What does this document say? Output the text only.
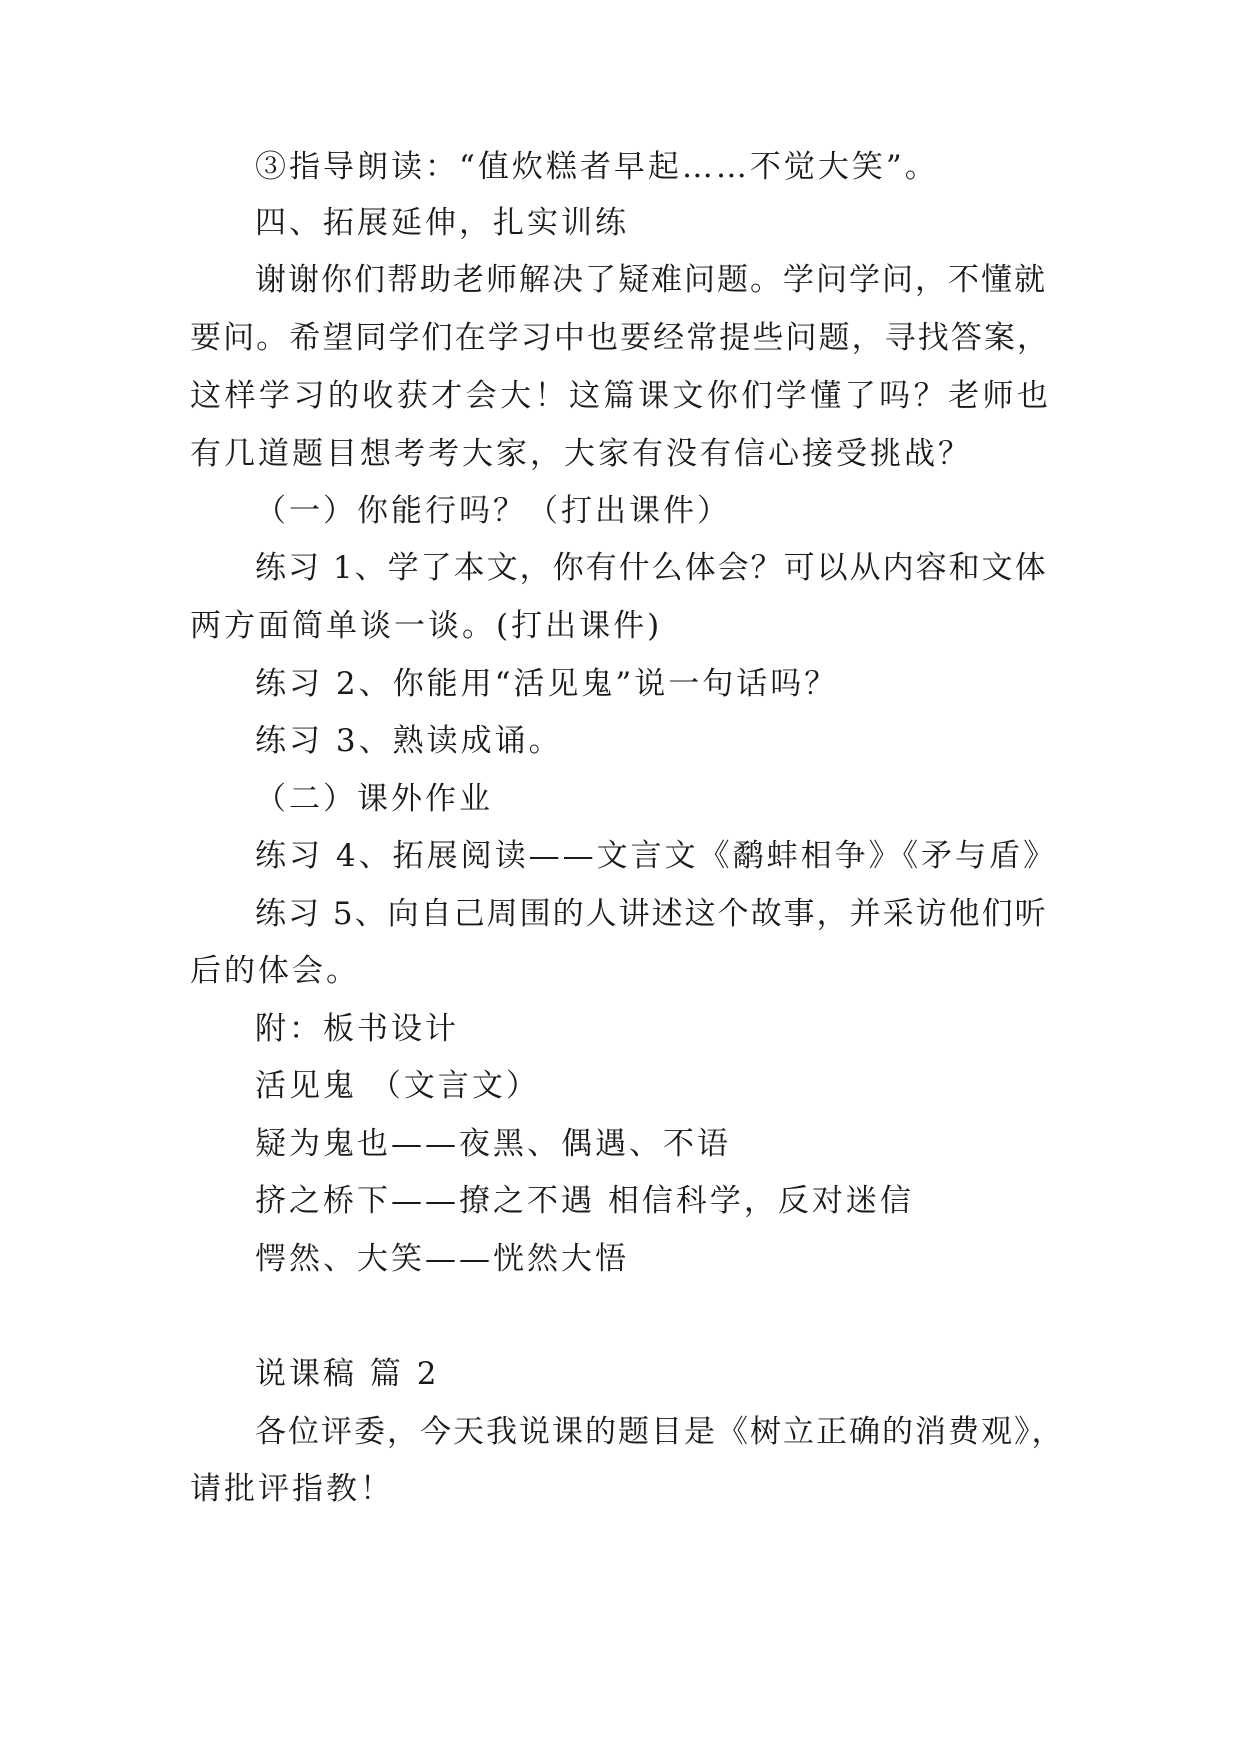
③指导朗读：“值炊糕者早起……不觉大笑”。
四、拓展延伸，扎实训练
谢谢你们帮助老师解决了疑难问题。学问学问，不懂就
要问。希望同学们在学习中也要经常提些问题，寻找答案，
这样学习的收获才会大！这篇课文你们学懂了吗？老师也
有几道题目想考考大家，大家有没有信心接受挑战？
（一）你能行吗？（打出课件）
练习 1、学了本文，你有什么体会？可以从内容和文体
两方面简单谈一谈。(打出课件)
练习 2、你能用“活见鬼”说一句话吗？
练习 3、熟读成诵。
（二）课外作业
练习 4、拓展阅读——文言文《鹬蚌相争》《矛与盾》
练习 5、向自己周围的人讲述这个故事，并采访他们听
后的体会。
附：板书设计
活见鬼 （文言文）
疑为鬼也——夜黑、偶遇、不语
挤之桥下——撩之不遇 相信科学，反对迷信
愕然、大笑——恍然大悟
说课稿 篇 2
各位评委，今天我说课的题目是《树立正确的消费观》，
请批评指教！
